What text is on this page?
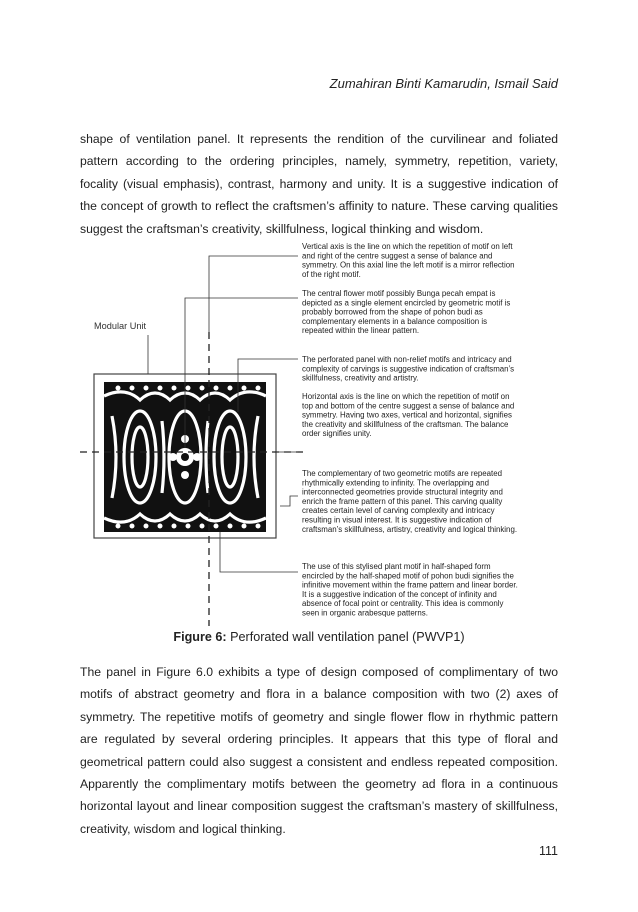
Zumahiran Binti Kamarudin, Ismail Said

shape of ventilation panel. It represents the rendition of the curvilinear and foliated pattern according to the ordering principles, namely, symmetry, repetition, variety, focality (visual emphasis), contrast, harmony and unity. It is a suggestive indication of the concept of growth to reflect the craftsmen’s affinity to nature. These carving qualities suggest the craftsman’s creativity, skillfulness, logical thinking and wisdom.

Modular Unit
Vertical axis is the line on which the repetition of motif on left and right of the centre suggest a sense of balance and symmetry. On this axial line the left motif is a mirror reflection of the right motif.
The central flower motif possibly Bunga pecah empat is depicted as a single element encircled by geometric motif is probably borrowed from the shape of pohon budi as complementary elements in a balance composition is repeated within the linear pattern.
The perforated panel with non-relief motifs and intricacy and complexity of carvings is suggestive indication of craftsman’s skillfulness, creativity and artistry.
Horizontal axis is the line on which the repetition of motif on top and bottom of the centre suggest a sense of balance and symmetry. Having two axes, vertical and horizontal, signifies the creativity and skillfulness of the craftsman. The balance order signifies unity.
The complementary of two geometric motifs are repeated rhythmically extending to infinity. The overlapping and interconnected geometries provide structural integrity and enrich the frame pattern of this panel. This carving quality creates certain level of carving complexity and intricacy resulting in visual interest. It is suggestive indication of craftsman’s skillfulness, artistry, creativity and logical thinking.
The use of this stylised plant motif in half-shaped form encircled by the half-shaped motif of pohon budi signifies the infinitive movement within the frame pattern and linear border. It is a suggestive indication of the concept of infinity and absence of focal point or centrality. This idea is commonly seen in organic arabesque patterns.
Figure 6: Perforated wall ventilation panel (PWVP1)

The panel in Figure 6.0 exhibits a type of design composed of complimentary of two motifs of abstract geometry and flora in a balance composition with two (2) axes of symmetry. The repetitive motifs of geometry and single flower flow in rhythmic pattern are regulated by several ordering principles. It appears that this type of floral and geometrical pattern could also suggest a consistent and endless repeated composition. Apparently the complimentary motifs between the geometry ad flora in a continuous horizontal layout and linear composition suggest the craftsman’s mastery of skillfulness, creativity, wisdom and logical thinking.

111
